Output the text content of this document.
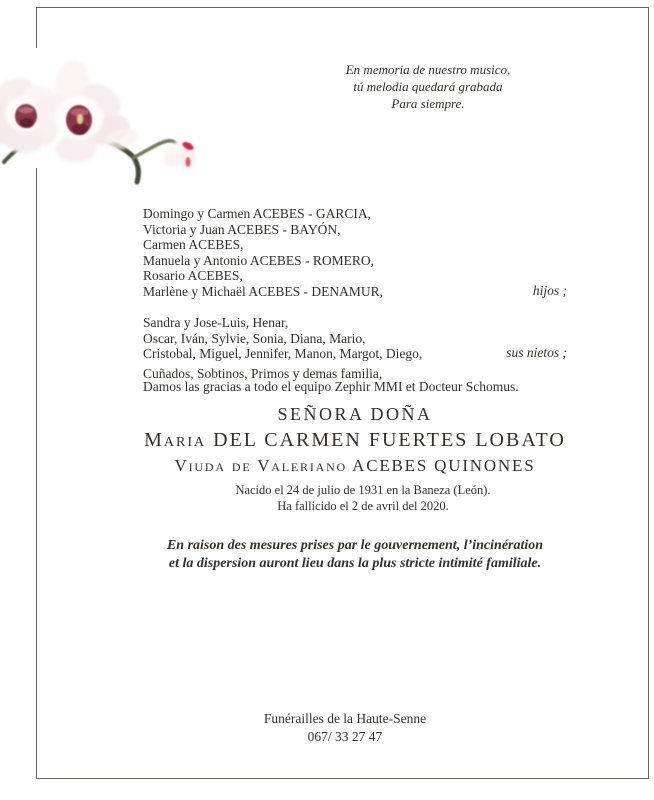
En memoria de nuestro musico,
tú melodia quedará grabada
Para siempre.
Domingo y Carmen ACEBES - GARCIA,
Victoria y Juan ACEBES - BAYÓN,
Carmen ACEBES,
Manuela y Antonio ACEBES - ROMERO,
Rosario ACEBES,
Marlène y Michaël ACEBES - DENAMUR,	hijos ;
Sandra y Jose-Luis, Henar,
Oscar, Iván, Sylvie, Sonia, Diana, Mario,
Cristobal, Miguel, Jennifer, Manon, Margot, Diego,	sus nietos ;
Cuñados, Sobtinos, Primos y demas familia,
Damos las gracias a todo el equipo Zephir MMI et Docteur Schomus.
SEÑORA DOÑA
Maria DEL CARMEN FUERTES LOBATO
Viuda de Valeriano ACEBES QUINONES
Nacido el 24 de julio de 1931 en la Baneza (León).
Ha fallicido el 2 de avril del 2020.
En raison des mesures prises par le gouvernement, l’incinération
et la dispersion auront lieu dans la plus stricte intimité familiale.
Funérailles de la Haute-Senne
067/ 33 27 47
